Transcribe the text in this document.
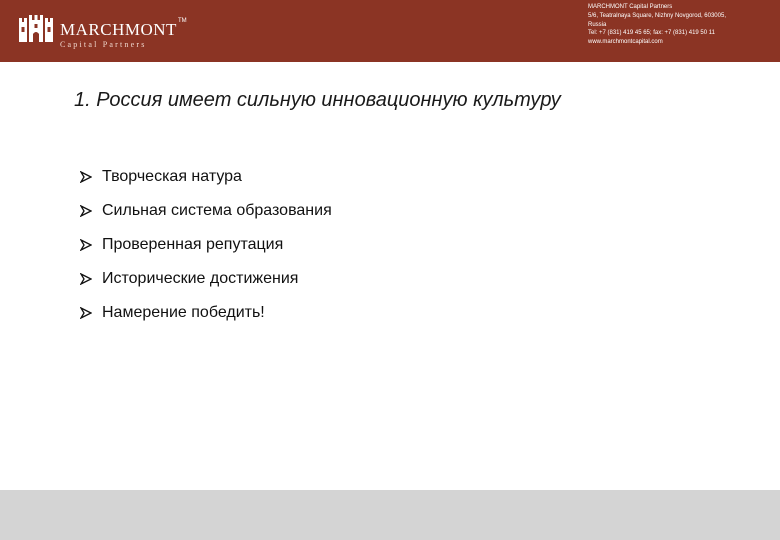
MARCHMONT TM
Capital Partners
MARCHMONT Capital Partners
5/6, Teatralnaya Square, Nizhny Novgorod, 603005,
Russia
Tel: +7 (831) 419 45 65; fax: +7 (831) 419 50 11
www.marchmontcapital.com
1. Россия имеет сильную инновационную культуру
Творческая натура
Сильная система образования
Проверенная репутация
Исторические достижения
Намерение победить!
